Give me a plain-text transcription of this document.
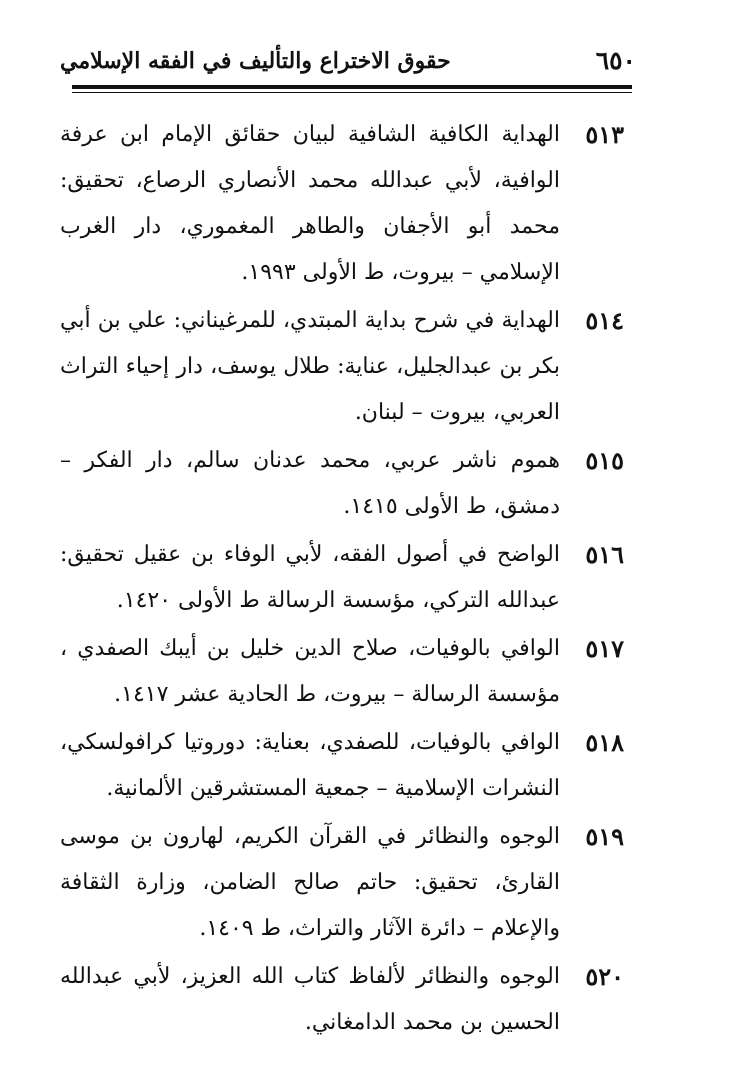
٦٥٠
حقوق الاختراع والتأليف في الفقه الإسلامي
٥١٣
الهداية الكافية الشافية لبيان حقائق الإمام ابن عرفة الوافية، لأبي عبدالله محمد الأنصاري الرصاع، تحقيق: محمد أبو الأجفان والطاهر المغموري، دار الغرب الإسلامي – بيروت، ط الأولى ١٩٩٣.
٥١٤
الهداية في شرح بداية المبتدي، للمرغيناني: علي بن أبي بكر بن عبدالجليل، عناية: طلال يوسف، دار إحياء التراث العربي، بيروت – لبنان.
٥١٥
هموم ناشر عربي، محمد عدنان سالم، دار الفكر – دمشق، ط الأولى ١٤١٥.
٥١٦
الواضح في أصول الفقه، لأبي الوفاء بن عقيل تحقيق: عبدالله التركي، مؤسسة الرسالة ط الأولى ١٤٢٠.
٥١٧
الوافي بالوفيات، صلاح الدين خليل بن أيبك الصفدي ، مؤسسة الرسالة – بيروت، ط الحادية عشر ١٤١٧.
٥١٨
الوافي بالوفيات، للصفدي، بعناية: دوروتيا كرافولسكي، النشرات الإسلامية – جمعية المستشرقين الألمانية.
٥١٩
الوجوه والنظائر في القرآن الكريم، لهارون بن موسى القارئ، تحقيق: حاتم صالح الضامن، وزارة الثقافة والإعلام – دائرة الآثار والتراث، ط ١٤٠٩.
٥٢٠
الوجوه والنظائر لألفاظ كتاب الله العزيز، لأبي عبدالله الحسين بن محمد الدامغاني.
